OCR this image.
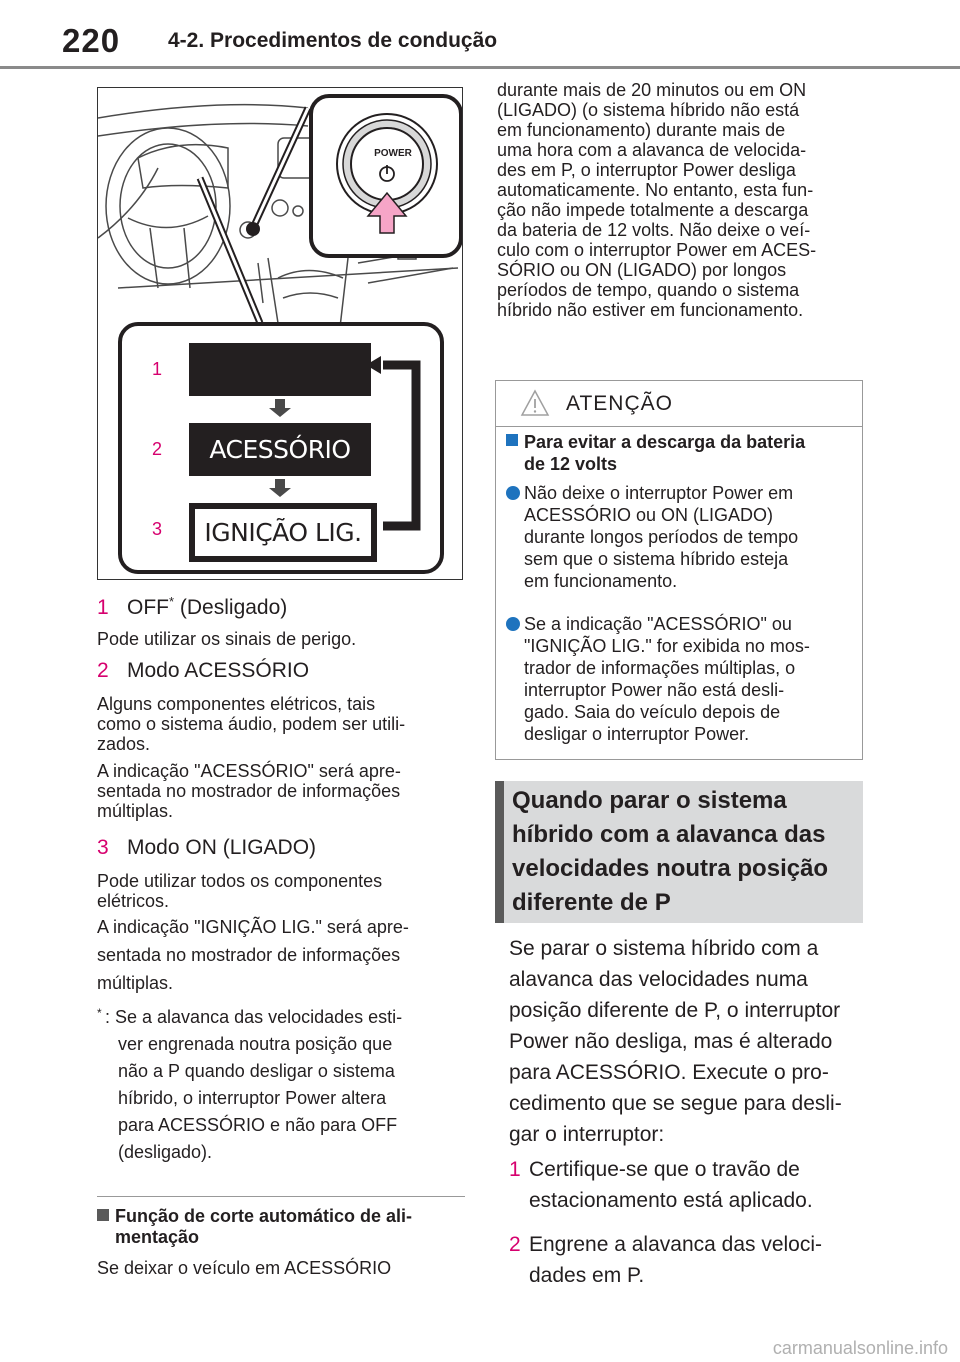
220 4-2. Procedimentos de condução
POWER
1
2	ACESSÓRIO
3 IGNIÇÃO LIG.
1 OFF* (Desligado)
Pode utilizar os sinais de perigo.
2 Modo ACESSÓRIO
Alguns componentes elétricos, tais
como o sistema áudio, podem ser utili-
zados.
A indicação "ACESSÓRIO" será apre-
sentada no mostrador de informações
múltiplas.
3 Modo ON (LIGADO)
Pode utilizar todos os componentes
elétricos.
A indicação "IGNIÇÃO LIG." será apre-
sentada no mostrador de informações
múltiplas.
* : Se a alavanca das velocidades esti-
ver engrenada noutra posição que
não a P quando desligar o sistema
híbrido, o interruptor Power altera
para ACESSÓRIO e não para OFF
(desligado).
Função de corte automático de ali-
mentação
Se deixar o veículo em ACESSÓRIO
durante mais de 20 minutos ou em ON
(LIGADO) (o sistema híbrido não está
em funcionamento) durante mais de
uma hora com a alavanca de velocida-
des em P, o interruptor Power desliga
automaticamente. No entanto, esta fun-
ção não impede totalmente a descarga
da bateria de 12 volts. Não deixe o veí-
culo com o interruptor Power em ACES-
SÓRIO ou ON (LIGADO) por longos
períodos de tempo, quando o sistema
híbrido não estiver em funcionamento.
ATENÇÃO
Para evitar a descarga da bateria
de 12 volts
Não deixe o interruptor Power em
ACESSÓRIO ou ON (LIGADO)
durante longos períodos de tempo
sem que o sistema híbrido esteja
em funcionamento.
Se a indicação "ACESSÓRIO" ou
"IGNIÇÃO LIG." for exibida no mos-
trador de informações múltiplas, o
interruptor Power não está desli-
gado. Saia do veículo depois de
desligar o interruptor Power.
Quando parar o sistema
híbrido com a alavanca das
velocidades noutra posição
diferente de P
Se parar o sistema híbrido com a
alavanca das velocidades numa
posição diferente de P, o interruptor
Power não desliga, mas é alterado
para ACESSÓRIO. Execute o pro-
cedimento que se segue para desli-
gar o interruptor:
1 Certifique-se que o travão de
estacionamento está aplicado.
2 Engrene a alavanca das veloci-
dades em P.
carmanualsonline.info
